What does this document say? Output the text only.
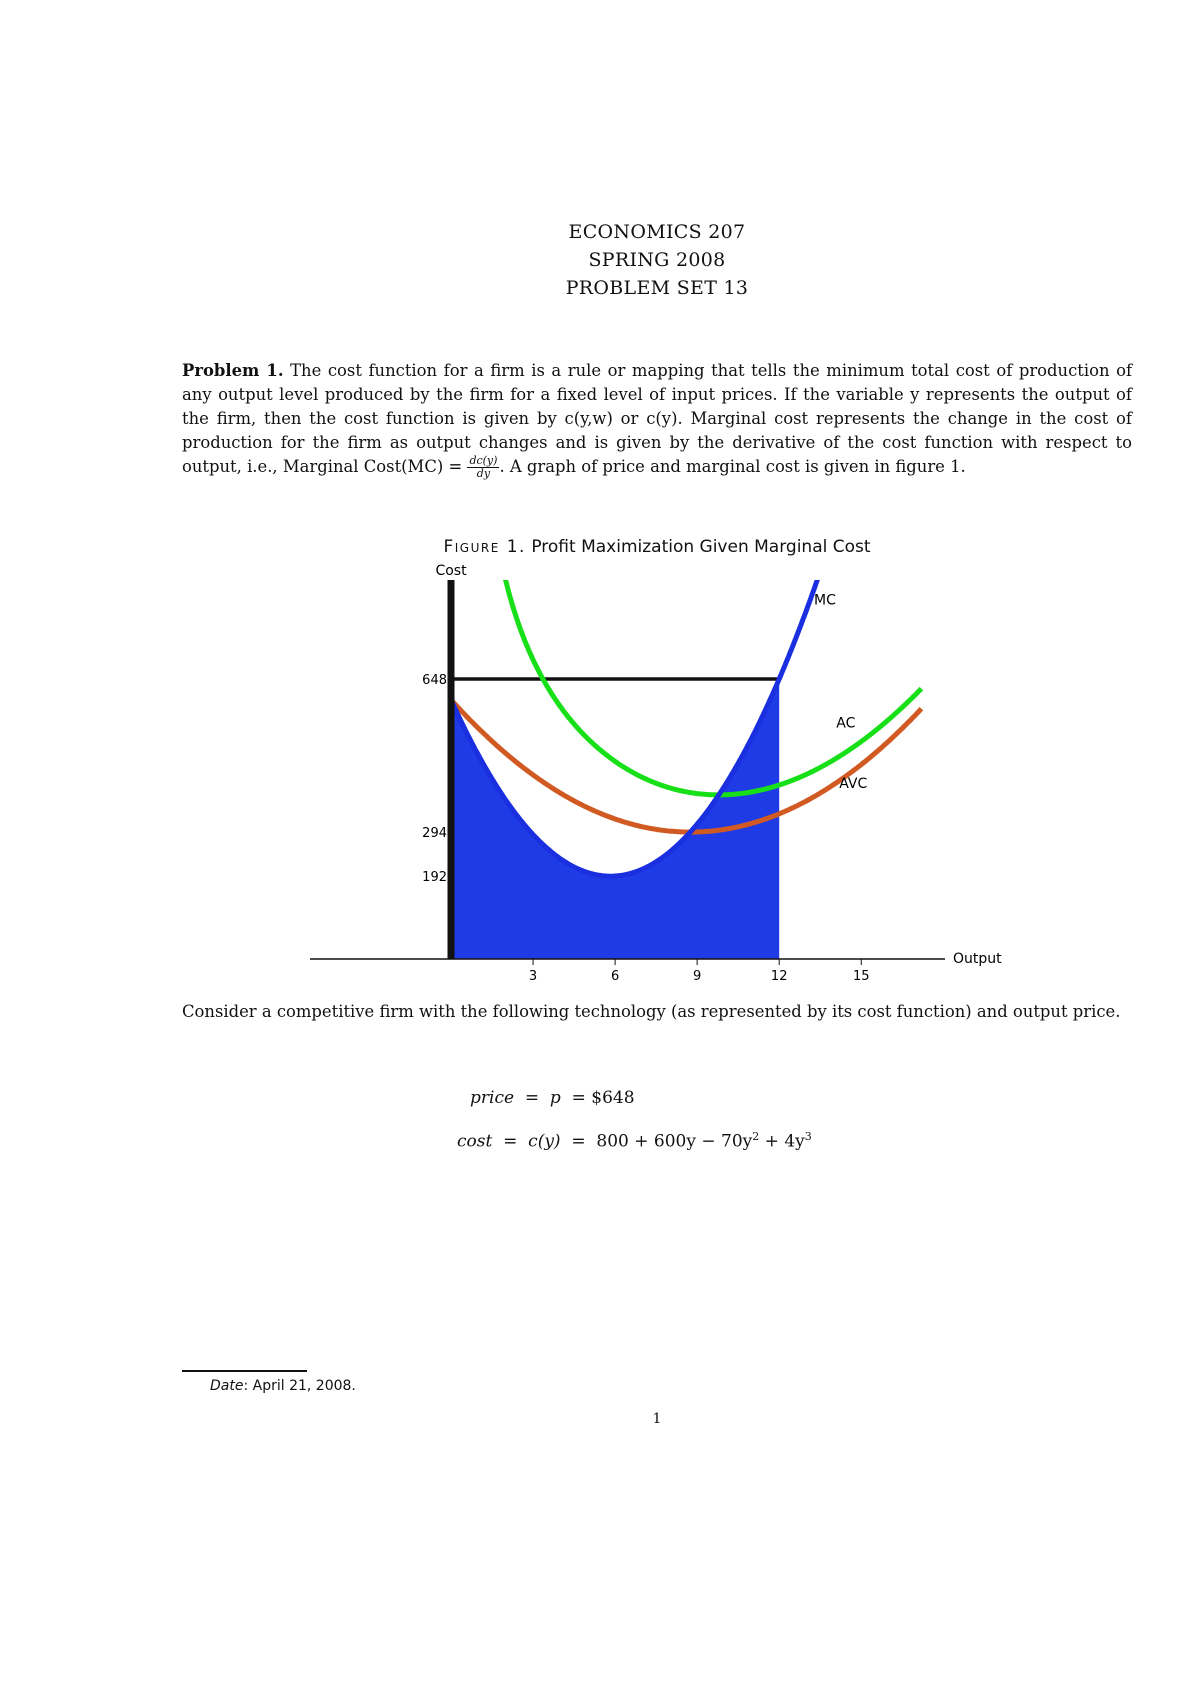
ECONOMICS 207
SPRING 2008
PROBLEM SET 13
Problem 1. The cost function for a firm is a rule or mapping that tells the minimum total cost of production of any output level produced by the firm for a fixed level of input prices. If the variable y represents the output of the firm, then the cost function is given by c(y,w) or c(y). Marginal cost represents the change in the cost of production for the firm as output changes and is given by the derivative of the cost function with respect to output, i.e., Marginal Cost(MC) = $\frac{dc(y)}{dy}$ . A graph of price and marginal cost is given in figure 1.
Figure 1. Profit Maximization Given Marginal Cost
3	6	9	12	15
192
294
648
Cost
Output
MC
AC
AVC
Consider a competitive firm with the following technology (as represented by its cost function) and output price.
price  =  p  = $648
$\cos t = c(y) = 800 + 600y - 70y^2 + 4y^3$
Date: April 21, 2008.
1
